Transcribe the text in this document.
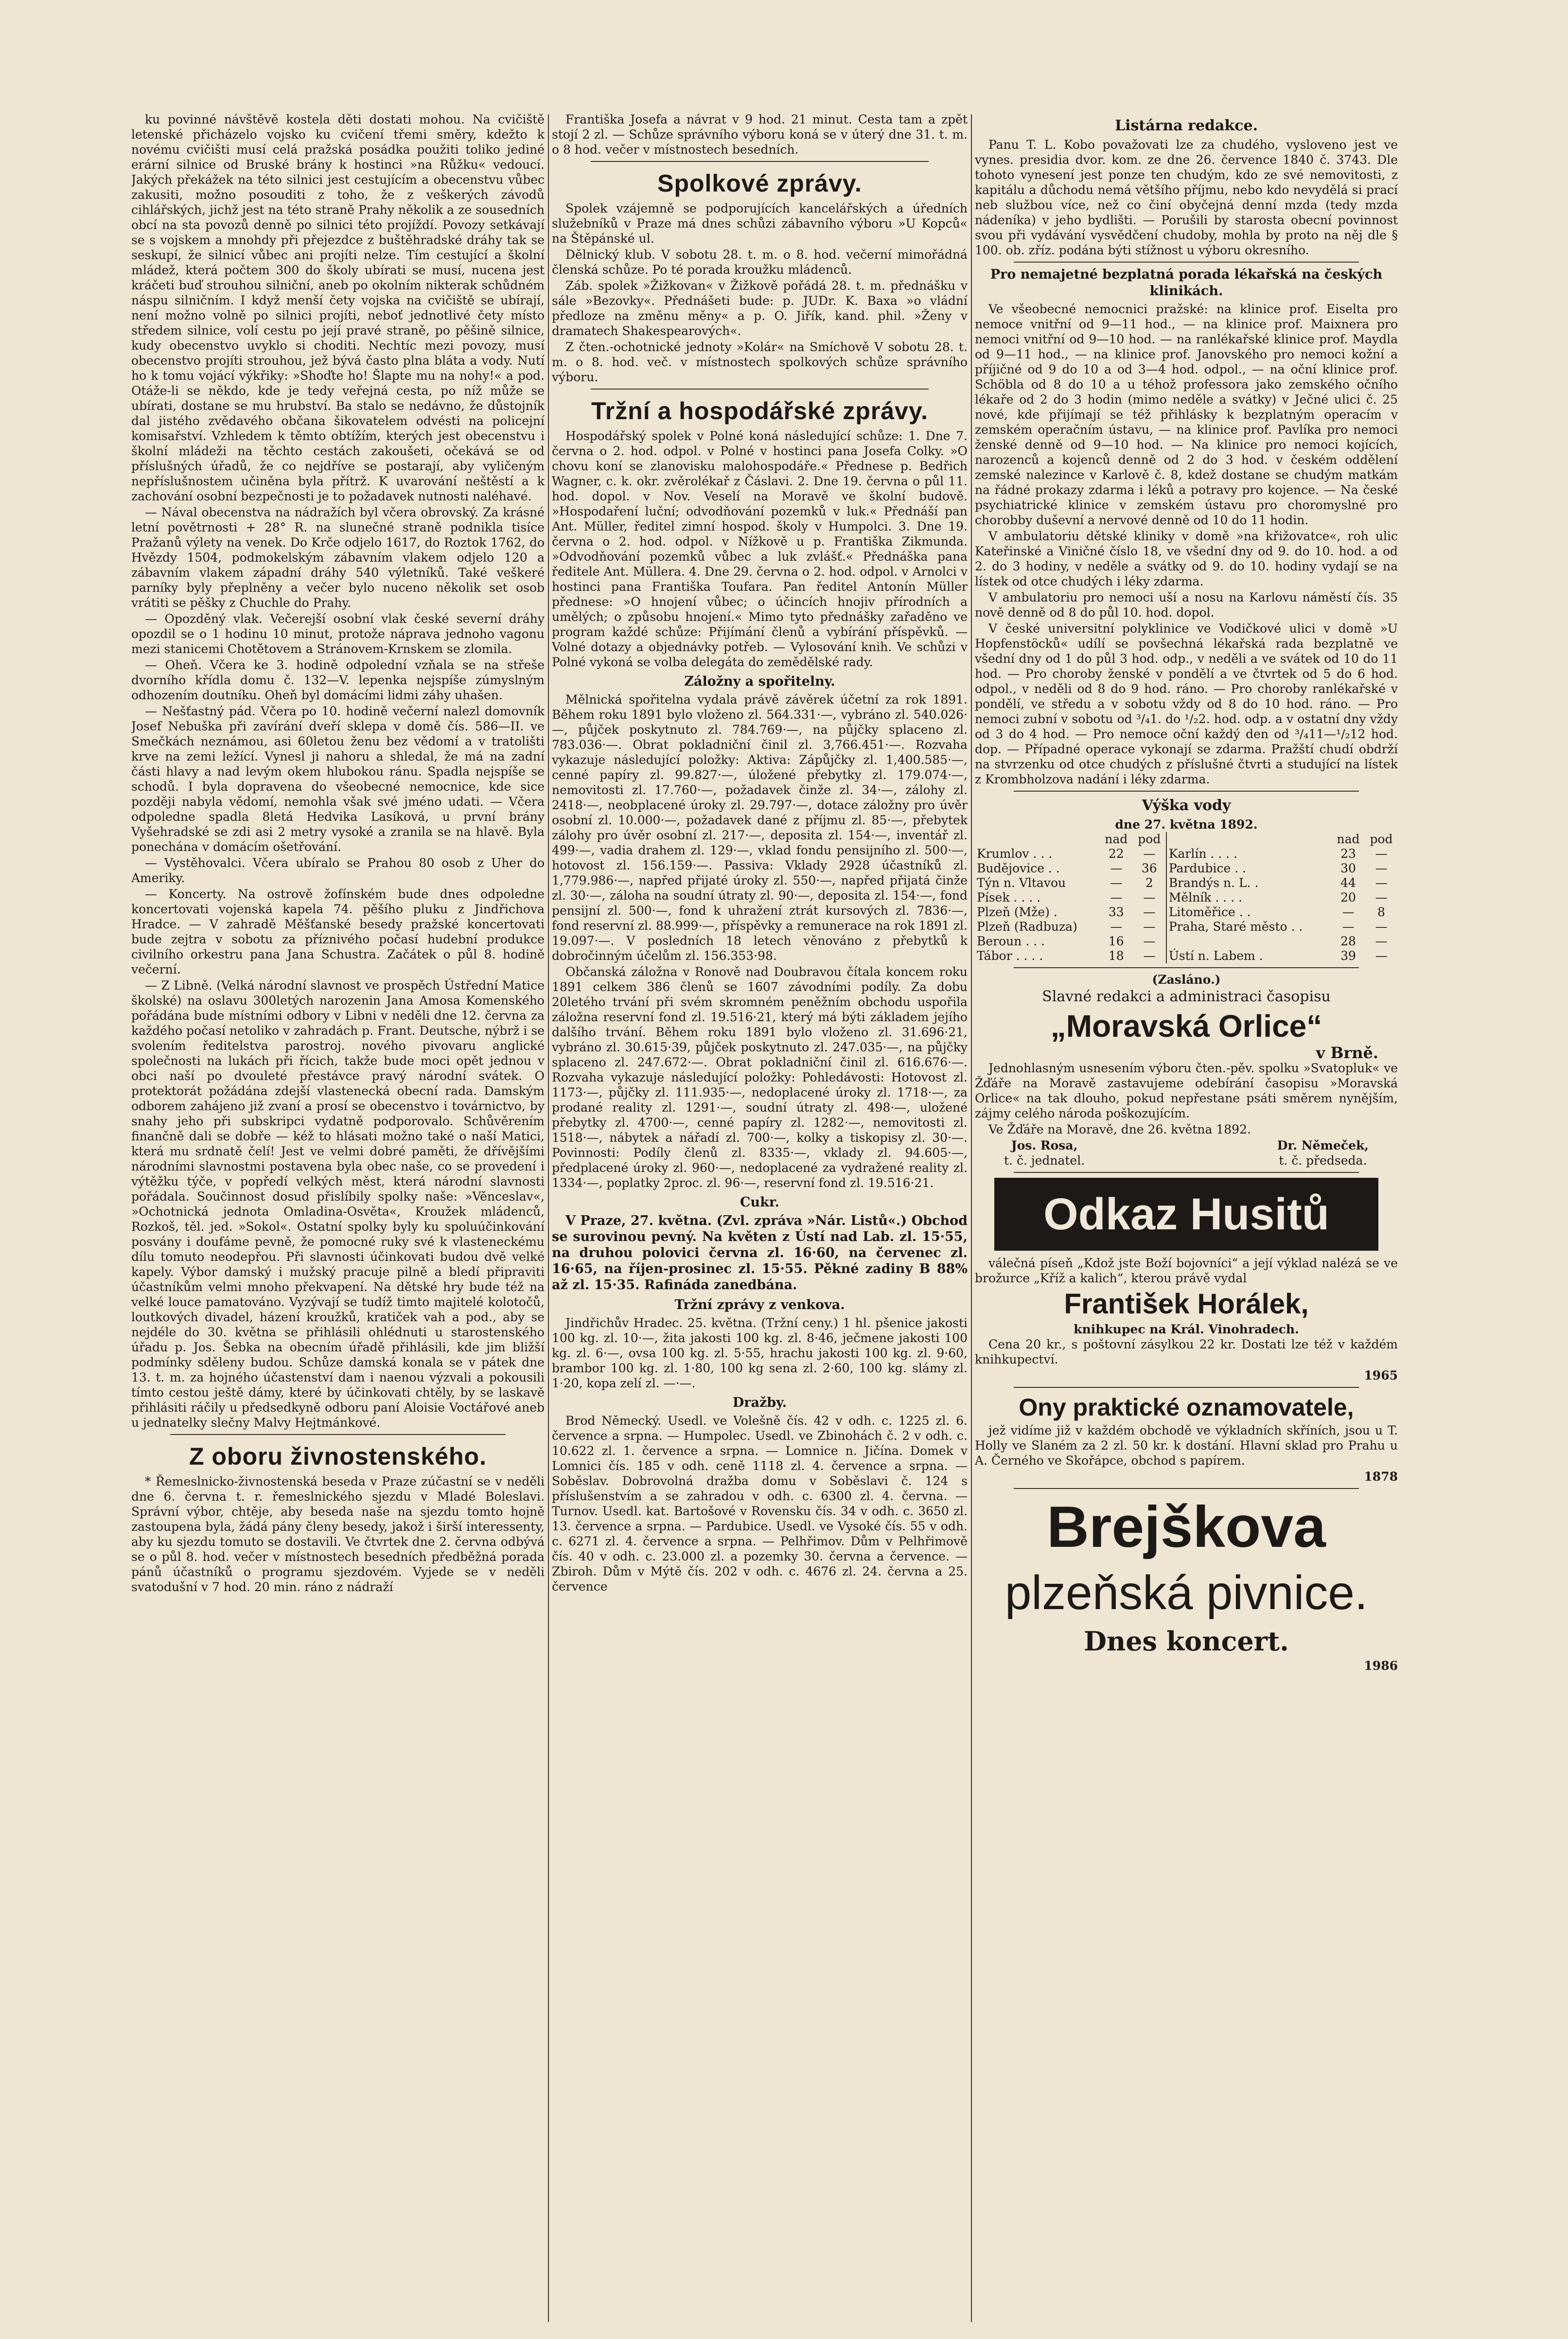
ku povinné návštěvě kostela děti dostati mohou. Na cvičiště letenské přicházelo vojsko ku cvičení třemi směry, kdežto k novému cvičišti musí celá pražská posádka použiti toliko jediné erární silnice od Bruské brány k hostinci »na Růžku« vedoucí. Jakých překážek na této silnici jest cestujícím a obecenstvu vůbec zakusiti, možno posouditi z toho, že z veškerých závodů cihlářských, jichž jest na této straně Prahy několik a ze sousedních obcí na sta povozů denně po silnici této projíždí. Povozy setkávají se s vojskem a mnohdy při přejezdce z buštěhradské dráhy tak se seskupí, že silnicí vůbec ani projíti nelze. Tím cestující a školní mládež, která počtem 300 do školy ubírati se musí, nucena jest kráčeti buď strouhou silniční, aneb po okolním nikterak schůdném náspu silničním. I když menší čety vojska na cvičiště se ubírají, není možno volně po silnici projíti, neboť jednotlivé čety místo středem silnice, volí cestu po její pravé straně, po pěšině silnice, kudy obecenstvo uvyklo si choditi. Nechtíc mezi povozy, musí obecenstvo projíti strouhou, jež bývá často plna bláta a vody. Nutí ho k tomu vojácí výkřiky: »Shoďte ho! Šlapte mu na nohy!« a pod. Otáže-li se někdo, kde je tedy veřejná cesta, po níž může se ubírati, dostane se mu hrubství. Ba stalo se nedávno, že důstojník dal jistého zvědavého občana šikovatelem odvésti na policejní komisařství. Vzhledem k těmto obtížím, kterých jest obecenstvu i školní mládeži na těchto cestách zakoušeti, očekává se od příslušných úřadů, že co nejdříve se postarají, aby vyličeným nepříslušnostem učiněna byla přítrž. K uvarování neštěstí a k zachování osobní bezpečnosti je to požadavek nutnosti naléhavé.

— Nával obecenstva na nádražích byl včera obrovský. Za krásné letní povětrnosti + 28° R. na slunečné straně podnikla tisíce Pražanů výlety na venek. Do Krče odjelo 1617, do Roztok 1762, do Hvězdy 1504, podmokelským zábavním vlakem odjelo 120 a zábavním vlakem západní dráhy 540 výletníků. Také veškeré parníky byly přeplněny a večer bylo nuceno několik set osob vrátiti se pěšky z Chuchle do Prahy.

— Opozděný vlak. Večerejší osobní vlak české severní dráhy opozdil se o 1 hodinu 10 minut, protože náprava jednoho vagonu mezi stanicemi Chotětovem a Stránovem-Krnskem se zlomila.

— Oheň. Včera ke 3. hodině odpolední vzňala se na střeše dvorního křídla domu č. 132—V. lepenka nejspíše zúmyslným odhozením doutníku. Oheň byl domácími lidmi záhy uhašen.

— Nešťastný pád. Včera po 10. hodině večerní nalezl domovník Josef Nebuška při zavírání dveří sklepa v domě čís. 586—II. ve Smečkách neznámou, asi 60letou ženu bez vědomí a v tratolišti krve na zemi ležící. Vynesl ji nahoru a shledal, že má na zadní části hlavy a nad levým okem hlubokou ránu. Spadla nejspíše se schodů. I byla dopravena do všeobecné nemocnice, kde sice později nabyla vědomí, nemohla však své jméno udati. — Včera odpoledne spadla 8letá Hedvika Lasíková, u první brány Vyšehradské se zdi asi 2 metry vysoké a zranila se na hlavě. Byla ponechána v domácím ošetřování.

— Vystěhovalci. Včera ubíralo se Prahou 80 osob z Uher do Ameriky.

— Koncerty. Na ostrově žofínském bude dnes odpoledne koncertovati vojenská kapela 74. pěšího pluku z Jindřichova Hradce. — V zahradě Měšťanské besedy pražské koncertovati bude zejtra v sobotu za příznivého počasí hudební produkce civilního orkestru pana Jana Schustra. Začátek o půl 8. hodině večerní.

— Z Libně. (Velká národní slavnost ve prospěch Ústřední Matice školské) na oslavu 300letých narozenin Jana Amosa Komenského pořádána bude místními odbory v Libni v neděli dne 12. června za každého počasí netoliko v zahradách p. Frant. Deutsche, nýbrž i se svolením ředitelstva parostroj. nového pivovaru anglické společnosti na lukách při řícich, takže bude moci opět jednou v obci naší po dvouleté přestávce pravý národní svátek. O protektorát požádána zdejší vlastenecká obecní rada. Damským odborem zahájeno již zvaní a prosí se obecenstvo i továrnictvo, by snahy jeho při subskripci vydatně podporovalo. Schůvěrením finančně dali se dobře — kéž to hlásati možno také o naší Matici, která mu srdnatě čelí! Jest ve velmi dobré paměti, že dřívějšími národními slavnostmi postavena byla obec naše, co se provedení i výtěžku týče, v popředí velkých měst, která národní slavnosti pořádala. Součinnost dosud přislíbily spolky naše: »Věnceslav«, »Ochotnická jednota Omladina-Osvěta«, Kroužek mládenců, Rozkoš, těl. jed. »Sokol«. Ostatní spolky byly ku spoluúčinkování posvány i doufáme pevně, že pomocné ruky své k vlasteneckému dílu tomuto neodepřou. Při slavnosti účinkovati budou dvě velké kapely. Výbor damský i mužský pracuje pilně a bledí připraviti účastníkům velmi mnoho překvapení. Na dětské hry bude též na velké louce pamatováno. Vyzývají se tudíž timto majitelé kolotočů, loutkových divadel, házení kroužků, kratiček vah a pod., aby se nejdéle do 30. května se přihlásili ohlédnuti u starostenského úřadu p. Jos. Šebka na obecním úřadě přihlásili, kde jim bližší podmínky sděleny budou. Schůze damská konala se v pátek dne 13. t. m. za hojného účastenství dam i naenou výzvali a pokousili tímto cestou ještě dámy, které by účinkovati chtěly, by se laskavě přihlásiti ráčily u předsedkyně odboru paní Aloisie Voctářové aneb u jednatelky slečny Malvy Hejtmánkové.

Z oboru živnostenského.

* Řemeslnicko-živnostenská beseda v Praze zúčastní se v neděli dne 6. června t. r. řemeslnického sjezdu v Mladé Boleslavi. Správní výbor, chtěje, aby beseda naše na sjezdu tomto hojně zastoupena byla, žádá pány členy besedy, jakož i širší interessenty, aby ku sjezdu tomuto se dostavili. Ve čtvrtek dne 2. června odbývá se o půl 8. hod. večer v místnostech besedních předběžná porada pánů účastníků o programu sjezdovém. Vyjede se v neděli svatodušní v 7 hod. 20 min. ráno z nádraží

Františka Josefa a návrat v 9 hod. 21 minut. Cesta tam a zpět stojí 2 zl. — Schůze správního výboru koná se v úterý dne 31. t. m. o 8 hod. večer v místnostech besedních.

Spolkové zprávy.

Spolek vzájemně se podporujících kancelářských a úředních služebníků v Praze má dnes schůzi zábavního výboru »U Kopců« na Štěpánské ul.

Dělnický klub. V sobotu 28. t. m. o 8. hod. večerní mimořádná členská schůze. Po té porada kroužku mládenců.

Záb. spolek »Žižkovan« v Žižkově pořádá 28. t. m. přednášku v sále »Bezovky«. Přednášeti bude: p. JUDr. K. Baxa »o vládní předloze na změnu měny« a p. O. Jiřík, kand. phil. »Ženy v dramatech Shakespearových«.

Z čten.-ochotnické jednoty »Kolár« na Smíchově V sobotu 28. t. m. o 8. hod. več. v místnostech spolkových schůze správního výboru.

Tržní a hospodářské zprávy.

Hospodářský spolek v Polné koná následující schůze: 1. Dne 7. června o 2. hod. odpol. v Polné v hostinci pana Josefa Colky. »O chovu koní se zlanovisku malohospodáře.« Přednese p. Bedřich Wagner, c. k. okr. zvěrolékař z Čáslavi. 2. Dne 19. června o půl 11. hod. dopol. v Nov. Veselí na Moravě ve školní budově. »Hospodaření luční; odvodňování pozemků v luk.« Přednáší pan Ant. Müller, ředitel zimní hospod. školy v Humpolci. 3. Dne 19. června o 2. hod. odpol. v Nížkově u p. Františka Zikmunda. »Odvodňování pozemků vůbec a luk zvlášť.« Přednáška pana ředitele Ant. Müllera. 4. Dne 29. června o 2. hod. odpol. v Arnolci v hostinci pana Františka Toufara. Pan ředitel Antonín Müller přednese: »O hnojení vůbec; o účincích hnojiv přírodních a umělých; o způsobu hnojení.« Mimo tyto přednášky zařaděno ve program každé schůze: Přijímání členů a vybírání příspěvků. — Volné dotazy a objednávky potřeb. — Vylosování knih. Ve schůzi v Polné vykoná se volba delegáta do zemědělské rady.

Záložny a spořitelny.

Mělnická spořitelna vydala právě závěrek účetní za rok 1891. Během roku 1891 bylo vloženo zl. 564.331·—, vybráno zl. 540.026·—, půjček poskytnuto zl. 784.769·—, na půjčky splaceno zl. 783.036·—. Obrat pokladniční činil zl. 3,766.451·—. Rozvaha vykazuje následující položky: Aktiva: Zápůjčky zl. 1,400.585·—, cenné papíry zl. 99.827·—, úložené přebytky zl. 179.074·—, nemovitosti zl. 17.760·—, požadavek činže zl. 34·—, zálohy zl. 2418·—, neobplacené úroky zl. 29.797·—, dotace záložny pro úvěr osobní zl. 10.000·—, požadavek dané z příjmu zl. 85·—, přebytek zálohy pro úvěr osobní zl. 217·—, deposita zl. 154·—, inventář zl. 499·—, vadia drahem zl. 129·—, vklad fondu pensijního zl. 500·—, hotovost zl. 156.159·—. Passiva: Vklady 2928 účastníků zl. 1,779.986·—, napřed přijaté úroky zl. 550·—, napřed přijatá činže zl. 30·—, záloha na soudní útraty zl. 90·—, deposita zl. 154·—, fond pensijní zl. 500·—, fond k uhražení ztrát kursových zl. 7836·—, fond reservní zl. 88.999·—, příspěvky a remunerace na rok 1891 zl. 19.097·—. V posledních 18 letech věnováno z přebytků k dobročinným účelům zl. 156.353·98.

Občanská záložna v Ronově nad Doubravou čítala koncem roku 1891 celkem 386 členů se 1607 závodními podíly. Za dobu 20letého trvání při svém skromném peněžním obchodu uspořila záložna reservní fond zl. 19.516·21, který má býti základem jejího dalšího trvání. Během roku 1891 bylo vloženo zl. 31.696·21, vybráno zl. 30.615·39, půjček poskytnuto zl. 247.035·—, na půjčky splaceno zl. 247.672·—. Obrat pokladniční činil zl. 616.676·—. Rozvaha vykazuje následující položky: Pohledávosti: Hotovost zl. 1173·—, půjčky zl. 111.935·—, nedoplacené úroky zl. 1718·—, za prodané reality zl. 1291·—, soudní útraty zl. 498·—, uložené přebytky zl. 4700·—, cenné papíry zl. 1282·—, nemovitosti zl. 1518·—, nábytek a nářadí zl. 700·—, kolky a tiskopisy zl. 30·—. Povinnosti: Podíly členů zl. 8335·—, vklady zl. 94.605·—, předplacené úroky zl. 960·—, nedoplacené za vydražené reality zl. 1334·—, poplatky 2proc. zl. 96·—, reservní fond zl. 19.516·21.

Cukr.

V Praze, 27. května. (Zvl. zpráva »Nár. Listů«.) Obchod se surovinou pevný. Na květen z Ústí nad Lab. zl. 15·55, na druhou polovici června zl. 16·60, na červenec zl. 16·65, na říjen-prosinec zl. 15·55. Pěkné zadiny B 88% až zl. 15·35. Rafináda zanedbána.

Tržní zprávy z venkova.

Jindřichův Hradec. 25. května. (Tržní ceny.) 1 hl. pšenice jakosti 100 kg. zl. 10·—, žita jakosti 100 kg. zl. 8·46, ječmene jakosti 100 kg. zl. 6·—, ovsa 100 kg. zl. 5·55, hrachu jakosti 100 kg. zl. 9·60, brambor 100 kg. zl. 1·80, 100 kg sena zl. 2·60, 100 kg. slámy zl. 1·20, kopa zelí zl. —·—.

Dražby.

Brod Německý. Usedl. ve Volešně čís. 42 v odh. c. 1225 zl. 6. července a srpna. — Humpolec. Usedl. ve Zbinohách č. 2 v odh. c. 10.622 zl. 1. července a srpna. — Lomnice n. Jičína. Domek v Lomnici čís. 185 v odh. ceně 1118 zl. 4. července a srpna. — Soběslav. Dobrovolná dražba domu v Soběslavi č. 124 s příslušenstvím a se zahradou v odh. c. 6300 zl. 4. června. — Turnov. Usedl. kat. Bartošové v Rovensku čís. 34 v odh. c. 3650 zl. 13. července a srpna. — Pardubice. Usedl. ve Vysoké čís. 55 v odh. c. 6271 zl. 4. července a srpna. — Pelhřimov. Dům v Pelhřimově čís. 40 v odh. c. 23.000 zl. a pozemky 30. června a července. — Zbiroh. Dům v Mýtě čís. 202 v odh. c. 4676 zl. 24. června a 25. července

Listárna redakce.

Panu T. L. Kobo považovati lze za chudého, vysloveno jest ve vynes. presidia dvor. kom. ze dne 26. července 1840 č. 3743. Dle tohoto vynesení jest ponze ten chudým, kdo ze své nemovitosti, z kapitálu a důchodu nemá většího příjmu, nebo kdo nevydělá si prací neb službou více, než co činí obyčejná denní mzda (tedy mzda nádeníka) v jeho bydlišti. — Porušili by starosta obecní povinnost svou při vydávání vysvědčení chudoby, mohla by proto na něj dle § 100. ob. zříz. podána býti stížnost u výboru okresního.

Pro nemajetné bezplatná porada lékařská na českých klinikách.

Ve všeobecné nemocnici pražské: na klinice prof. Eiselta pro nemoce vnitřní od 9—11 hod., — na klinice prof. Maixnera pro nemoci vnitřní od 9—10 hod. — na ranlékařské klinice prof. Maydla od 9—11 hod., — na klinice prof. Janovského pro nemoci kožní a příjičné od 9 do 10 a od 3—4 hod. odpol., — na oční klinice prof. Schöbla od 8 do 10 a u téhož professora jako zemského očního lékaře od 2 do 3 hodin (mimo neděle a svátky) v Ječné ulici č. 25 nové, kde přijímají se též přihlásky k bezplatným operacím v zemském operačním ústavu, — na klinice prof. Pavlíka pro nemoci ženské denně od 9—10 hod. — Na klinice pro nemoci kojících, narozenců a kojenců denně od 2 do 3 hod. v českém oddělení zemské nalezince v Karlově č. 8, kdež dostane se chudým matkám na řádné prokazy zdarma i léků a potravy pro kojence. — Na české psychiatrické klinice v zemském ústavu pro choromyslné pro chorobby duševní a nervové denně od 10 do 11 hodin.

V ambulatoriu dětské kliniky v domě »na křižovatce«, roh ulic Kateřinské a Viničné číslo 18, ve všední dny od 9. do 10. hod. a od 2. do 3 hodiny, v neděle a svátky od 9. do 10. hodiny vydají se na lístek od otce chudých i léky zdarma.

V ambulatoriu pro nemoci uší a nosu na Karlovu náměstí čís. 35 nově denně od 8 do půl 10. hod. dopol.

V české universitní polyklinice ve Vodičkové ulici v domě »U Hopfenstöcků« udílí se povšechná lékařská rada bezplatně ve všední dny od 1 do půl 3 hod. odp., v neděli a ve svátek od 10 do 11 hod. — Pro choroby ženské v pondělí a ve čtvrtek od 5 do 6 hod. odpol., v neděli od 8 do 9 hod. ráno. — Pro choroby ranlékařské v pondělí, ve středu a v sobotu vždy od 8 do 10 hod. ráno. — Pro nemoci zubní v sobotu od ³/₄1. do ¹/₂2. hod. odp. a v ostatní dny vždy od 3 do 4 hod. — Pro nemoce oční každý den od ³/₄11—¹/₂12 hod. dop. — Případné operace vykonají se zdarma. Pražští chudí obdrží na stvrzenku od otce chudých z příslušné čtvrti a studující na lístek z Krombholzova nadání i léky zdarma.

Výška vody
dne 27. května 1892.
	nad	pod		nad	pod
Krumlov . . .	22	—	Karlín . . . .	23	—
Budějovice . .	—	36	Pardubice . .	30	—
Týn n. Vltavou	—	2	Brandýs n. L. .	44	—
Písek . . . .	—	—	Mělník . . . .	20	—
Plzeň (Mže) .	33	—	Litoměřice . .	—	8
Plzeň (Radbuza)	—	—	Praha, Staré město . .	—	—
Beroun . . .	16	—		28	—
Tábor . . . .	18	—	Ústí n. Labem .	39	—
(Zasláno.)
Slavné redakci a administraci časopisu
„Moravská Orlice“
v Brně.

Jednohlasným usnesením výboru čten.-pěv. spolku »Svatopluk« ve Žďáře na Moravě zastavujeme odebírání časopisu »Moravská Orlice« na tak dlouho, pokud nepřestane psáti směrem nynějším, zájmy celého národa poškozujícím.

Ve Žďáře na Moravě, dne 26. května 1892.

Jos. Rosa,
t. č. jednatel.
Dr. Němeček,
t. č. předseda.
Odkaz Husitů

válečná píseň „Kdož jste Boží bojovníci“ a její výklad nalézá se ve brožurce „Kříž a kalich“, kterou právě vydal

František Horálek,
knihkupec na Král. Vinohradech.

Cena 20 kr., s poštovní zásylkou 22 kr. Dostati lze též v každém knihkupectví.

1965
Ony praktické oznamovatele,

jež vidíme již v každém obchodě ve výkladních skříních, jsou u T. Holly ve Slaném za 2 zl. 50 kr. k dostání. Hlavní sklad pro Prahu u A. Černého ve Skořápce, obchod s papírem.

1878
Brejškova
plzeňská pivnice.
Dnes koncert.
1986
